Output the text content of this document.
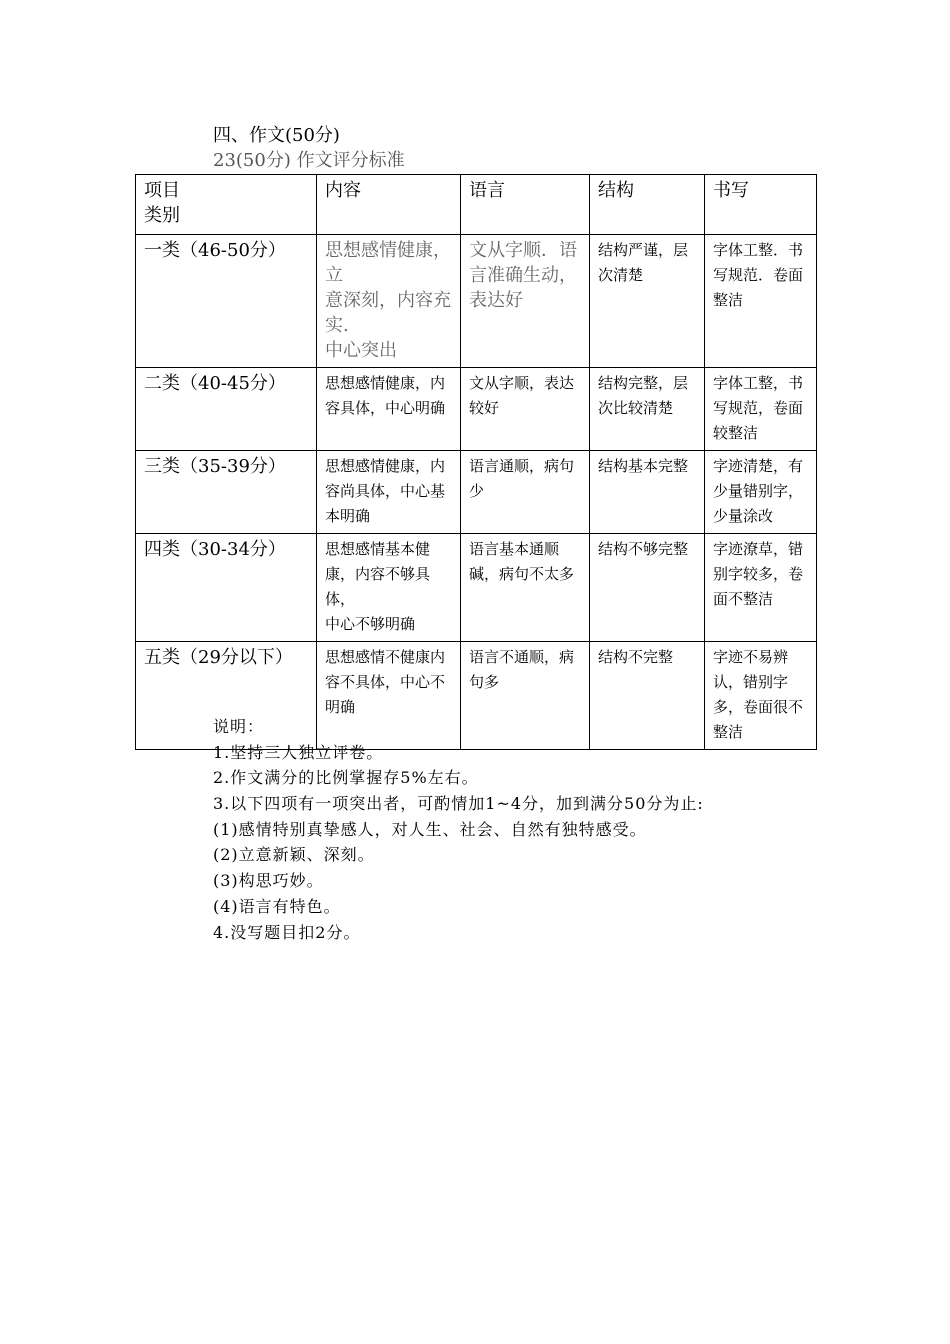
四、作文(50分)
23(50分) 作文评分标准
项目
类别	内容	语言	结构	书写
一类（46-50分）	思想感情健康，立
意深刻，内容充实.
中心突出	文从字顺．语言准确生动，表达好	结构严谨，层次清楚	字体工整．书写规范．卷面整洁
二类（40-45分）	思想感情健康，内容具体，中心明确	文从字顺，表达较好	结构完整，层次比较清楚	字体工整，书写规范，卷面较整洁
三类（35-39分）	思想感情健康，内容尚具体，中心基本明确	语言通顺，病句少	结构基本完整	字迹清楚，有少量错别字，少量涂改
四类（30-34分）	思想感情基本健康，内容不够具体，
中心不够明确	语言基本通顺碱，病句不太多	结构不够完整	字迹潦草，错别字较多，卷面不整洁
五类（29分以下）	思想感情不健康内容不具体，中心不明确	语言不通顺，病句多	结构不完整	字迹不易辨认，错别字多，卷面很不整洁
说明：
1.坚持三人独立评卷。
2.作文满分的比例掌握存5%左右。
3.以下四项有一项突出者，可酌情加1~4分，加到满分50分为止:
(1)感情特别真挚感人，对人生、社会、自然有独特感受。
(2)立意新颖、深刻。
(3)构思巧妙。
(4)语言有特色。
4.没写题目扣2分。
